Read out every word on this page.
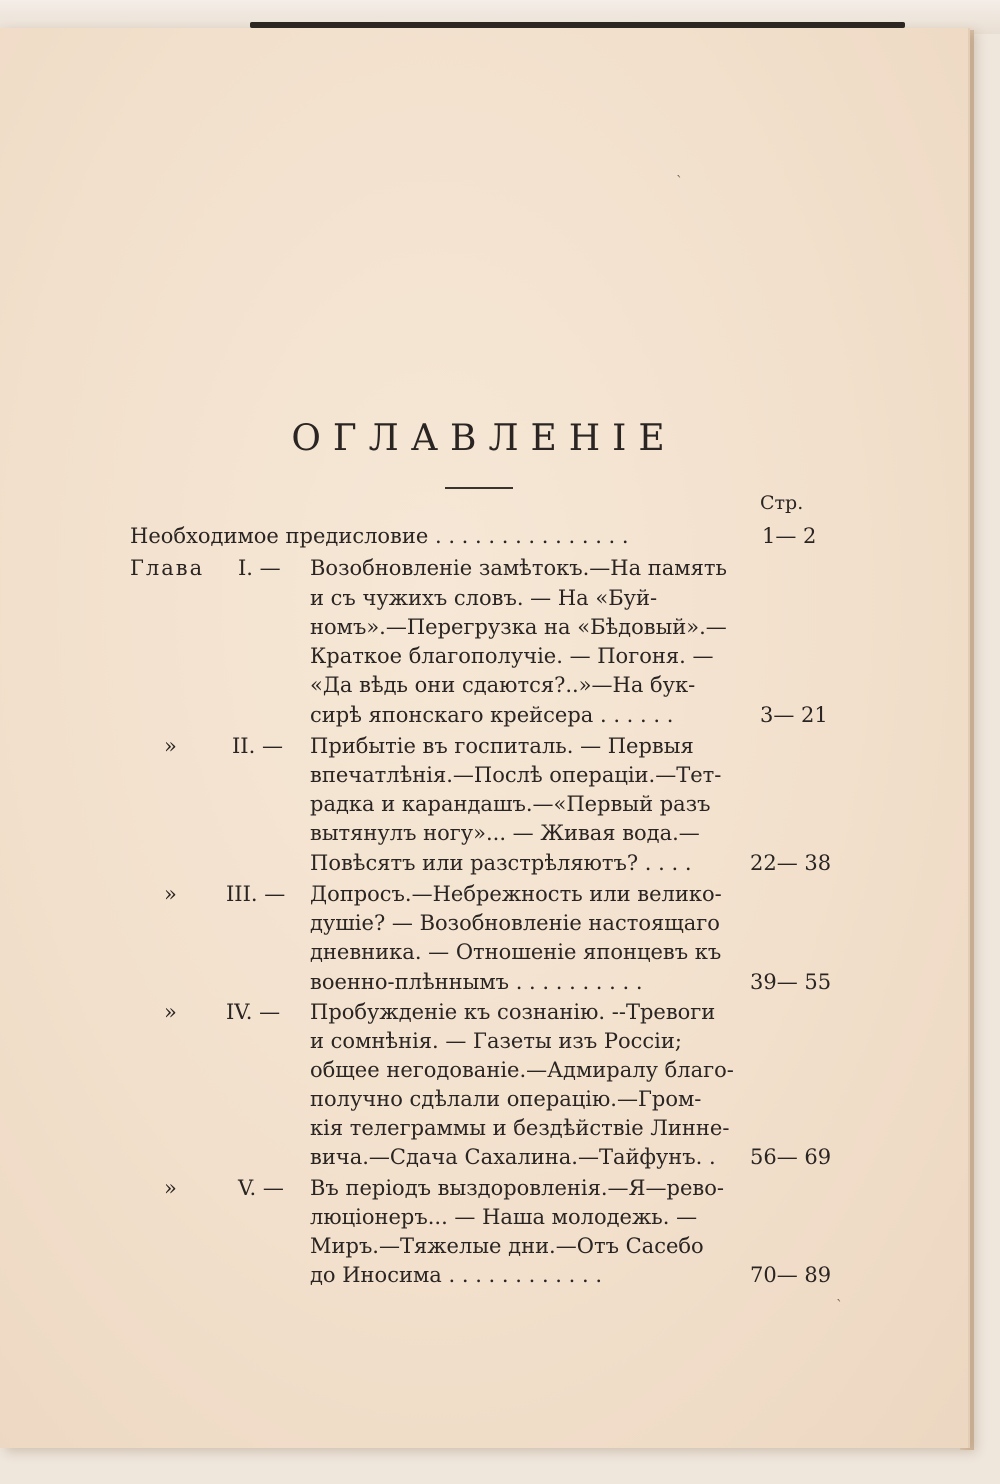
ˋ
ˋ
ОГЛАВЛЕНIЕ
Стр.
Необходимое предисловие . . . . . . . . . . . . . . .	1— 2
Глава I. — Возобновленiе замѣтокъ.—На память
и съ чужихъ словъ. — На «Буй-
номъ».—Перегрузка на «Бѣдовый».—
Краткое благополучiе. — Погоня. —
«Да вѣдь они сдаются?..»—На бук-
сирѣ японскаго крейсера . . . . . .	3— 21
»	II. — Прибытiе въ госпиталь. — Первыя
впечатлѣнiя.—Послѣ операцiи.—Тет-
радка и карандашъ.—«Первый разъ
вытянулъ ногу»... — Живая вода.—
Повѣсятъ или разстрѣляютъ? . . . .	22— 38
» III. — Допросъ.—Небрежность или велико-
душiе? — Возобновленiе настоящаго
дневника. — Отношенiе японцевъ къ
военно-плѣннымъ . . . . . . . . . .	39— 55
» IV. — Пробужденiе къ сознанiю. --Тревоги
и сомнѣнiя. — Газеты изъ Россiи;
общее негодованiе.—Адмиралу благо-
получно сдѣлали операцiю.—Гром-
кiя телеграммы и бездѣйствiе Линне-
вича.—Сдача Сахалина.—Тайфунъ. . 56— 69
»	V. — Въ перiодъ выздоровленiя.—Я—рево-
люцiонеръ... — Наша молодежь. —
Миръ.—Тяжелые дни.—Отъ Сасебо
до Иносима . . . . . . . . . . . .	70— 89
